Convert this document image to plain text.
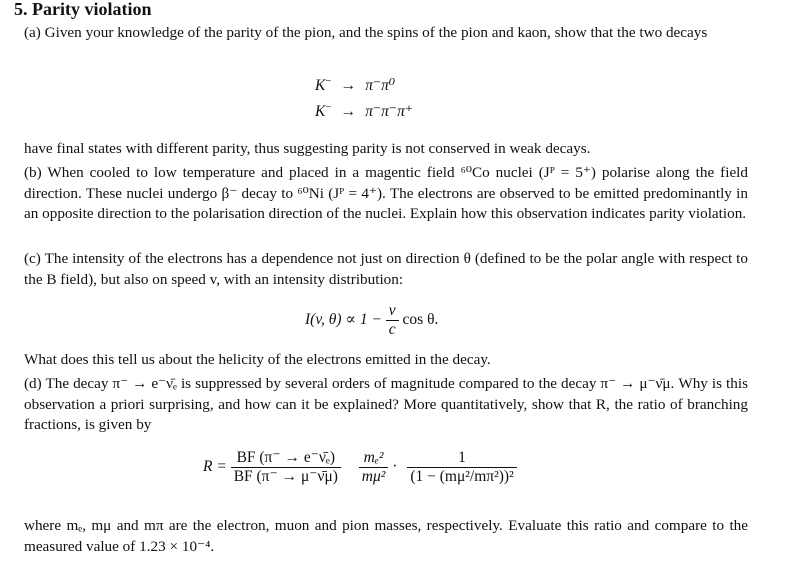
5. Parity violation
(a) Given your knowledge of the parity of the pion, and the spins of the pion and kaon, show that the two decays
K− → π⁻π⁰
K− → π⁻π⁻π⁺
have final states with different parity, thus suggesting parity is not conserved in weak decays.
(b) When cooled to low temperature and placed in a magentic field ⁶⁰Co nuclei (Jᴾ = 5⁺) polarise along the field direction. These nuclei undergo β⁻ decay to ⁶⁰Ni (Jᴾ = 4⁺). The electrons are observed to be emitted predominantly in an opposite direction to the polarisation direction of the nuclei. Explain how this observation indicates parity violation.
(c) The intensity of the electrons has a dependence not just on direction θ (defined to be the polar angle with respect to the B field), but also on speed v, with an intensity distribution:
I(v, $\theta) \propto 1 - \frac{v}{c}$ cos θ.
What does this tell us about the helicity of the electrons emitted in the decay.
(d) The decay π⁻ → e⁻ν̄ₑ is suppressed by several orders of magnitude compared to the decay π⁻ → μ⁻ν̄μ. Why is this observation a priori surprising, and how can it be explained? More quantitatively, show that R, the ratio of branching fractions, is given by
$R = \frac{\text{BF (π⁻ → e⁻ν̄ₑ)}}{BF (\pi^- \to \mu^-\nū\mu)}$
$\frac{\text{mₑ²}}{\text{mμ²}} \cdot \frac{1}{\text{(1 − (mμ²/mπ²))²}}$
where mₑ, mμ and mπ are the electron, muon and pion masses, respectively. Evaluate this ratio and compare to the measured value of 1.23 × 10⁻⁴.
